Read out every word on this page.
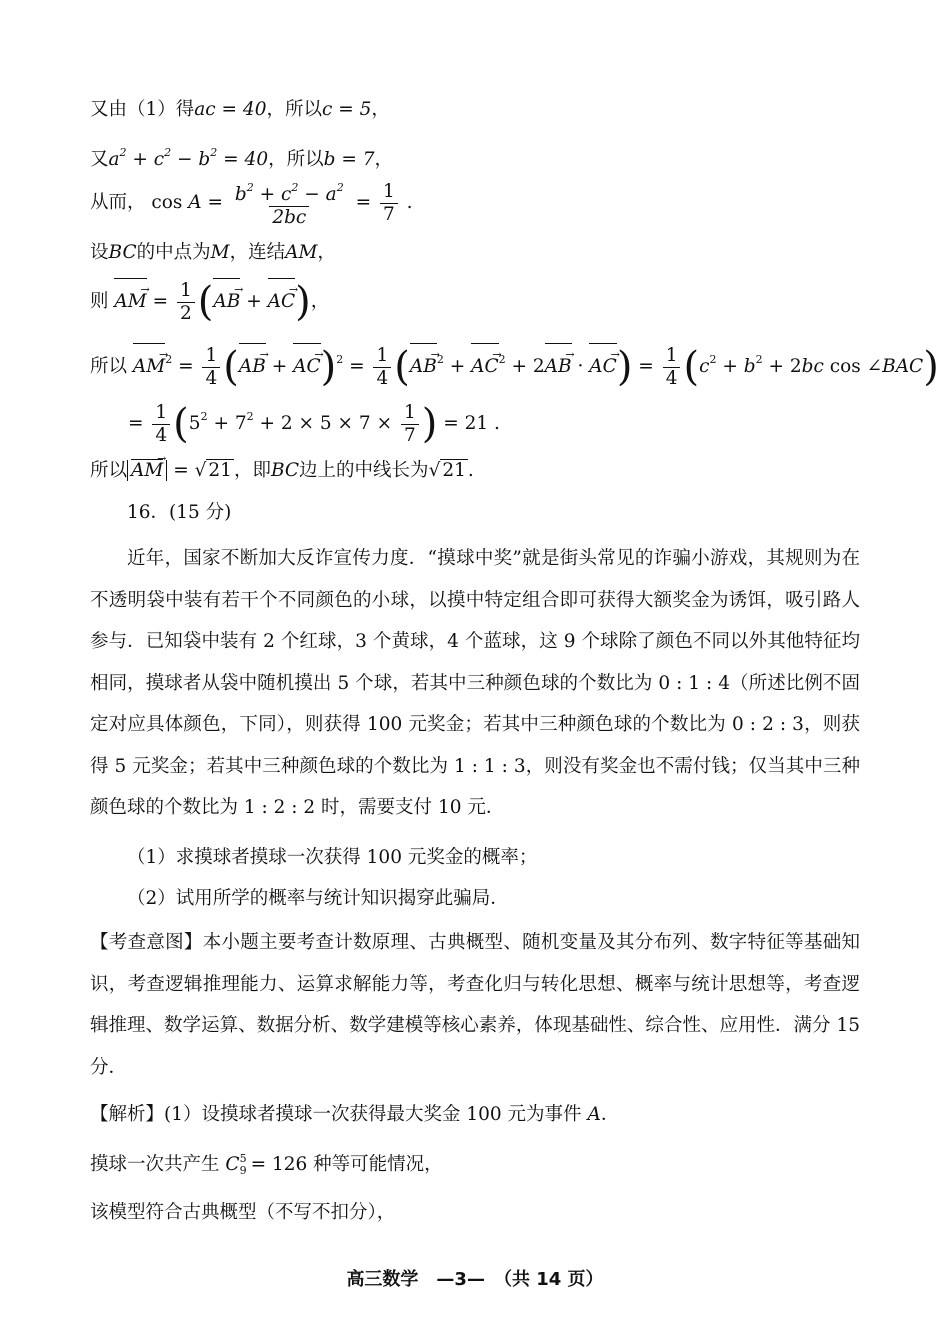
又由（1）得ac = 40，所以c = 5，
又$a^2 + c^2 - b^2 = 40$，所以b = 7，
从而， $\cos A = \frac{b^2 + c^2 - a^2}{2bc} = \frac{1}{7}$ .
设BC的中点为M，连结AM，
则 AM → = $\frac{1}{2} (AB$ → + AC →)，
所以 AM $\to^2 = \frac{1}{4} (AB$ → + AC $\to)^2 = \frac{1}{4} (AB \to^2$ + AC →$^2$ + 2AB → · AC →) = $\frac{1}{4} (c^2 + b^2 + 2bc$ cos ∠BAC)
= $\frac{1}{4} (5^2 + 7^2 + 2 \times 5 \times 7 \times \frac{1}{7}$ ) = 21 .
所以 AM → = √ 21 ，即BC边上的中线长为√ 21 .
16．(15 分)
近年，国家不断加大反诈宣传力度．“摸球中奖”就是街头常见的诈骗小游戏，其规则为在不透明袋中装有若干个不同颜色的小球，以摸中特定组合即可获得大额奖金为诱饵，吸引路人参与．已知袋中装有 2 个红球，3 个黄球，4 个蓝球，这 9 个球除了颜色不同以外其他特征均相同，摸球者从袋中随机摸出 5 个球，若其中三种颜色球的个数比为 0 : 1 : 4（所述比例不固定对应具体颜色，下同），则获得 100 元奖金；若其中三种颜色球的个数比为 0 : 2 : 3，则获得 5 元奖金；若其中三种颜色球的个数比为 1 : 1 : 3，则没有奖金也不需付钱；仅当其中三种颜色球的个数比为 1 : 2 : 2 时，需要支付 10 元．
（1）求摸球者摸球一次获得 100 元奖金的概率；
（2）试用所学的概率与统计知识揭穿此骗局．
【考查意图】本小题主要考查计数原理、古典概型、随机变量及其分布列、数字特征等基础知识，考查逻辑推理能力、运算求解能力等，考查化归与转化思想、概率与统计思想等，考查逻辑推理、数学运算、数据分析、数学建模等核心素养，体现基础性、综合性、应用性．满分 15 分．
【解析】(1）设摸球者摸球一次获得最大奖金 100 元为事件 A．
摸球一次共产生 C 5
9 = 126 种等可能情况，
该模型符合古典概型（不写不扣分），
高三数学　—3—　（共 14 页）
